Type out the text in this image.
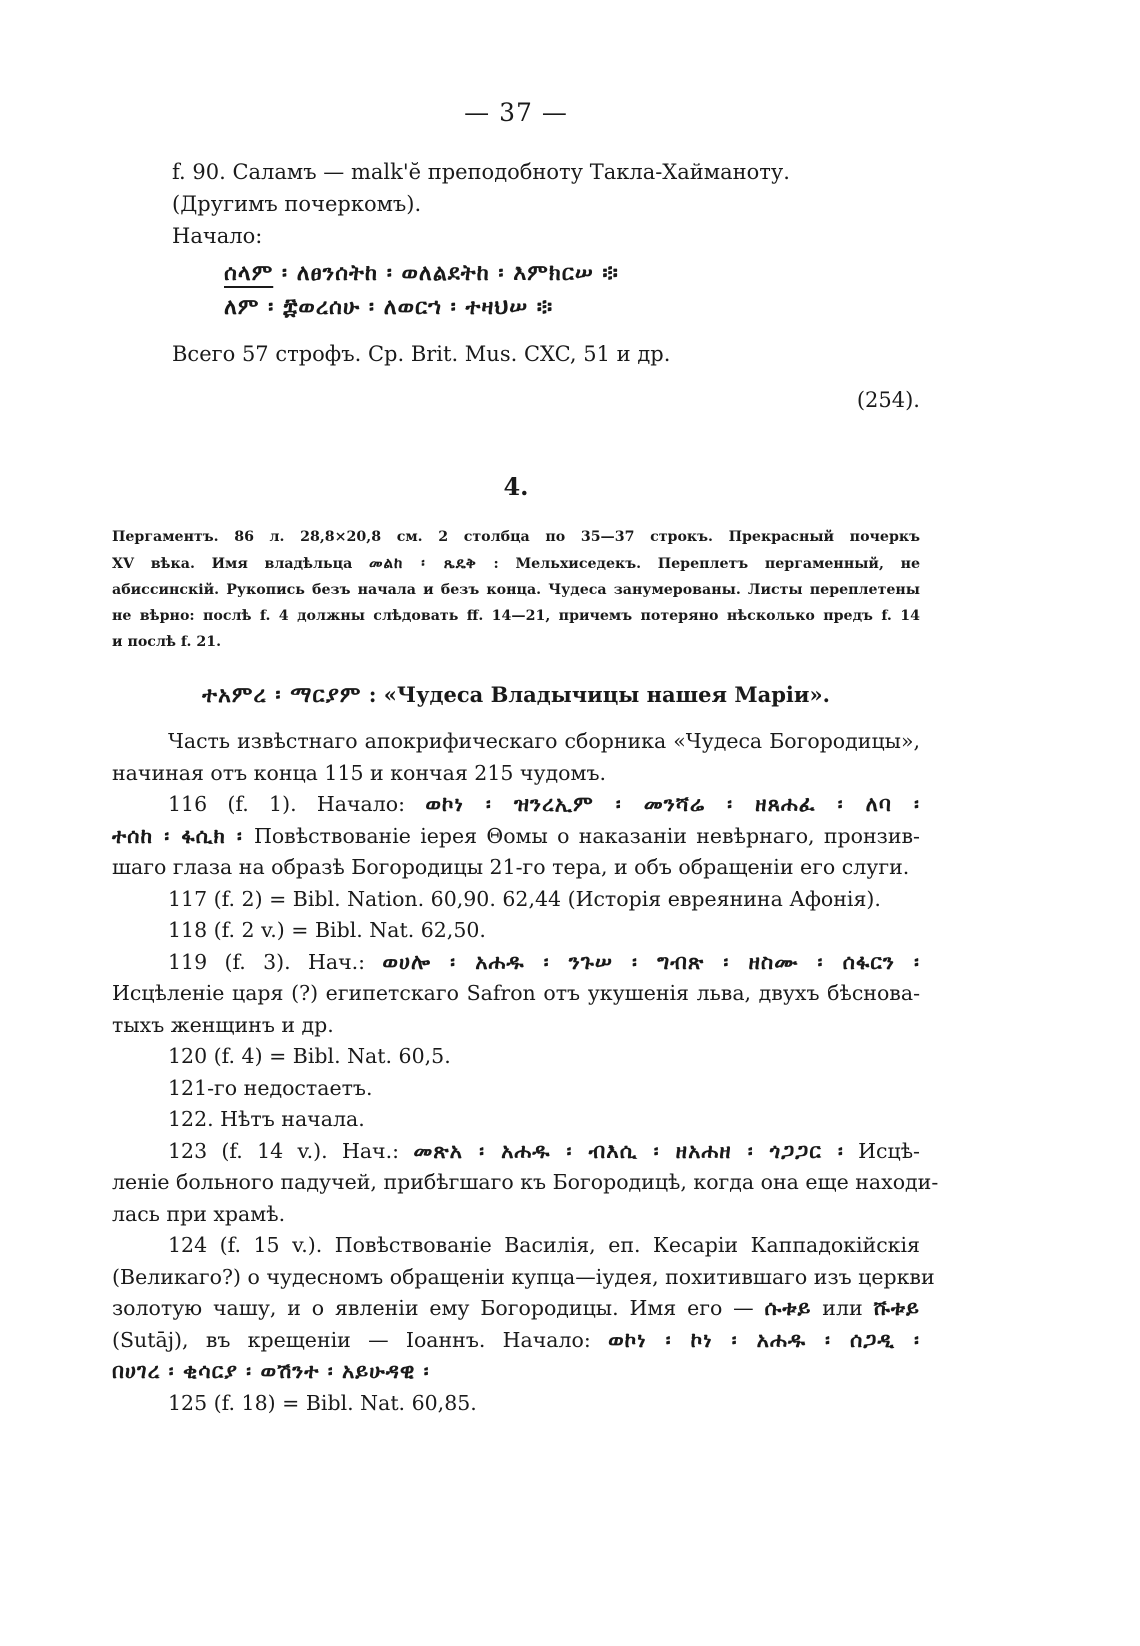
— 37 —
f. 90. Саламъ — malk'ĕ преподобноту Такла-Хайманоту.
(Другимъ почеркомъ).
Начало:
ሰላም ፡ ለፀንሰትከ ፡ ወለልደትከ ፡ እምክርሠ ፨
ለም ፡ ፰ወረሰሁ ፡ ለወርኀ ፡ ተዛህሠ ፨
Всего 57 строфъ. Ср. Brit. Mus. CXC, 51 и др.
(254).
4.

Пергаментъ. 86 л. 28,8×20,8 см. 2 столбца по 35—37 строкъ. Прекрасный почеркъ

XV вѣка. Имя владѣльца መልከ ፡ ጼዴቅ : Мельхиседекъ. Переплетъ пергаменный, не

абиссинскій. Рукопись безъ начала и безъ конца. Чудеса занумерованы. Листы переплетены

не вѣрно: послѣ f. 4 должны слѣдовать ff. 14—21, причемъ потеряно нѣсколько предъ f. 14

и послѣ f. 21.

ተአምረ ፡ ማርያም : «Чудеса Владычицы нашея Маріи».

Часть извѣстнаго апокрифическаго сборника «Чудеса Богородицы»,

начиная отъ конца 115 и кончая 215 чудомъ.

116 (f. 1). Начало: ወኮነ ፡ ዝንረኢም ፡ መንሻሬ ፡ ዘጸሐፈ ፡ ለባ ፡

ተሰከ ፡ ፋሲክ ፡ Повѣствованіе іерея Θомы о наказаніи невѣрнаго, пронзив-

шаго глаза на образѣ Богородицы 21-го тера, и объ обращеніи его слуги.

117 (f. 2) = Bibl. Nation. 60,90. 62,44 (Исторія евреянина Афонія).

118 (f. 2 v.) = Bibl. Nat. 62,50.

119 (f. 3). Нач.: ወሀሎ ፡ አሐዱ ፡ ንጉሠ ፡ ግብጽ ፡ ዘስሙ ፡ ሰፋርን ፡

Исцѣленіе царя (?) египетскаго Safron отъ укушенія льва, двухъ бѣснова-

тыхъ женщинъ и др.

120 (f. 4) = Bibl. Nat. 60,5.

121-го недостаетъ.

122. Нѣтъ начала.

123 (f. 14 v.). Нач.: መጽአ ፡ አሐዱ ፡ ብእሲ ፡ ዘአሐዘ ፡ ጎጋጋር ፡ Исцѣ-

леніе больного падучей, прибѣгшаго къ Богородицѣ, когда она еще находи-

лась при храмѣ.

124 (f. 15 v.). Повѣствованіе Василія, еп. Кесаріи Каппадокійскія

(Великаго?) о чудесномъ обращеніи купца—іудея, похитившаго изъ церкви

золотую чашу, и о явленіи ему Богородицы. Имя его — ሱቱይ или ሹቱይ

(Sutāj), въ крещеніи — Іоаннъ. Начало: ወኮነ ፡ ኮነ ፡ አሐዱ ፡ ሰጋዲ ፡

በሀገረ ፡ ቂሳርያ ፡ ወሽንተ ፡ አይሁዳዊ ፡

125 (f. 18) = Bibl. Nat. 60,85.
